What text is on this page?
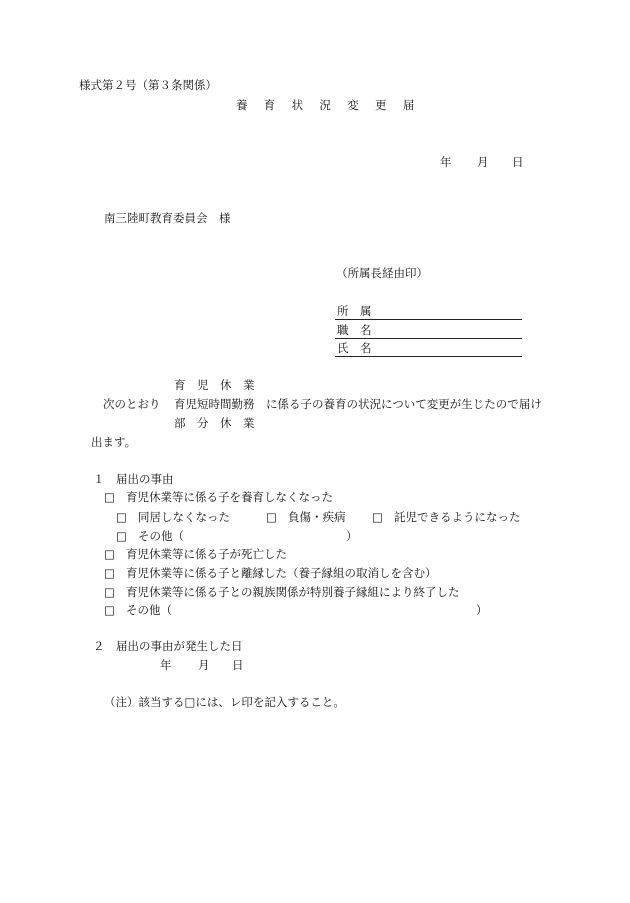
様式第２号（第３条関係）
養 育 状 況 変 更 届
年 月 日
南三陸町教育委員会　様
（所属長経由印）
所　属
職　名
氏　名
育　児　休　業
次のとおり 育児短時間勤務 に係る子の養育の状況について変更が生じたので届け
部　分　休　業
出ます。
１　届出の事由
□ 育児休業等に係る子を養育しなくなった
□ 同居しなくなった	□ 負傷・疾病 □ 託児できるようになった
□ その他（	）
□ 育児休業等に係る子が死亡した
□ 育児休業等に係る子と離縁した（養子縁組の取消しを含む）
□ 育児休業等に係る子との親族関係が特別養子縁組により終了した
□ その他（	）
２　届出の事由が発生した日
年 月 日
（注）該当する□には、レ印を記入すること。
